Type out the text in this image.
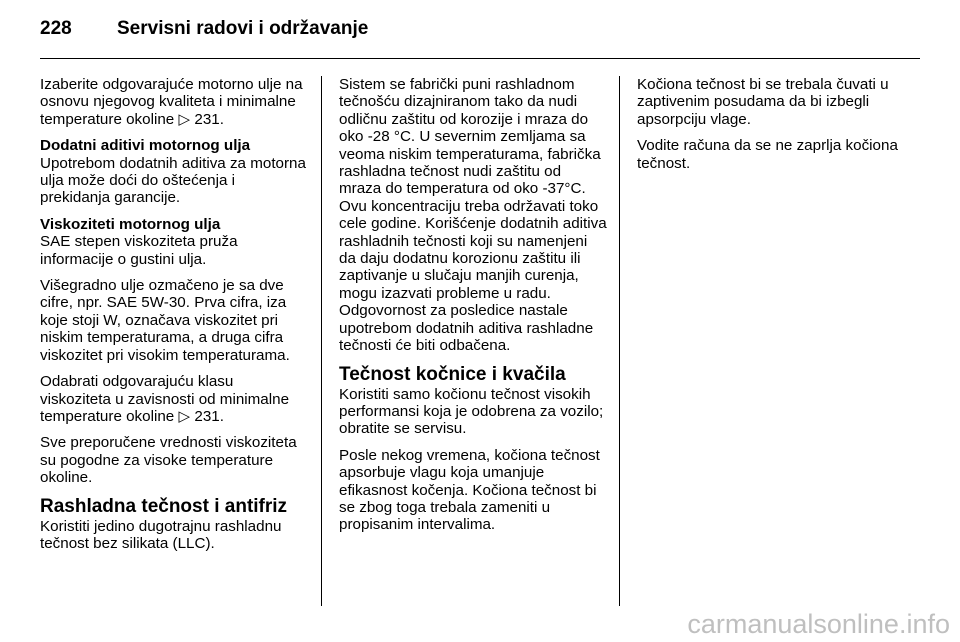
228 Servisni radovi i održavanje

Izaberite odgovarajuće motorno ulje na osnovu njegovog kvaliteta i minimalne temperature okoline ▷ 231.

Dodatni aditivi motornog ulja

Upotrebom dodatnih aditiva za motorna ulja može doći do oštećenja i prekidanja garancije.

Viskoziteti motornog ulja

SAE stepen viskoziteta pruža informacije o gustini ulja.

Višegradno ulje ozmačeno je sa dve cifre, npr. SAE 5W-30. Prva cifra, iza koje stoji W, označava viskozitet pri niskim temperaturama, a druga cifra viskozitet pri visokim temperaturama.

Odabrati odgovarajuću klasu viskoziteta u zavisnosti od minimalne temperature okoline ▷ 231.

Sve preporučene vrednosti viskoziteta su pogodne za visoke temperature okoline.

Rashladna tečnost i antifriz

Koristiti jedino dugotrajnu rashladnu tečnost bez silikata (LLC).

Sistem se fabrički puni rashladnom tečnošću dizajniranom tako da nudi odličnu zaštitu od korozije i mraza do oko -28 °C. U severnim zemljama sa veoma niskim temperaturama, fabrička rashladna tečnost nudi zaštitu od mraza do temperatura od oko -37°C. Ovu koncentraciju treba održavati toko cele godine. Korišćenje dodatnih aditiva rashladnih tečnosti koji su namenjeni da daju dodatnu korozionu zaštitu ili zaptivanje u slučaju manjih curenja, mogu izazvati probleme u radu. Odgovornost za posledice nastale upotrebom dodatnih aditiva rashladne tečnosti će biti odbačena.

Tečnost kočnice i kvačila

Koristiti samo kočionu tečnost visokih performansi koja je odobrena za vozilo; obratite se servisu.

Posle nekog vremena, kočiona tečnost apsorbuje vlagu koja umanjuje efikasnost kočenja. Kočiona tečnost bi se zbog toga trebala zameniti u propisanim intervalima.

Kočiona tečnost bi se trebala čuvati u zaptivenim posudama da bi izbegli apsorpciju vlage.

Vodite računa da se ne zaprlja kočiona tečnost.

carmanualsonline.info
